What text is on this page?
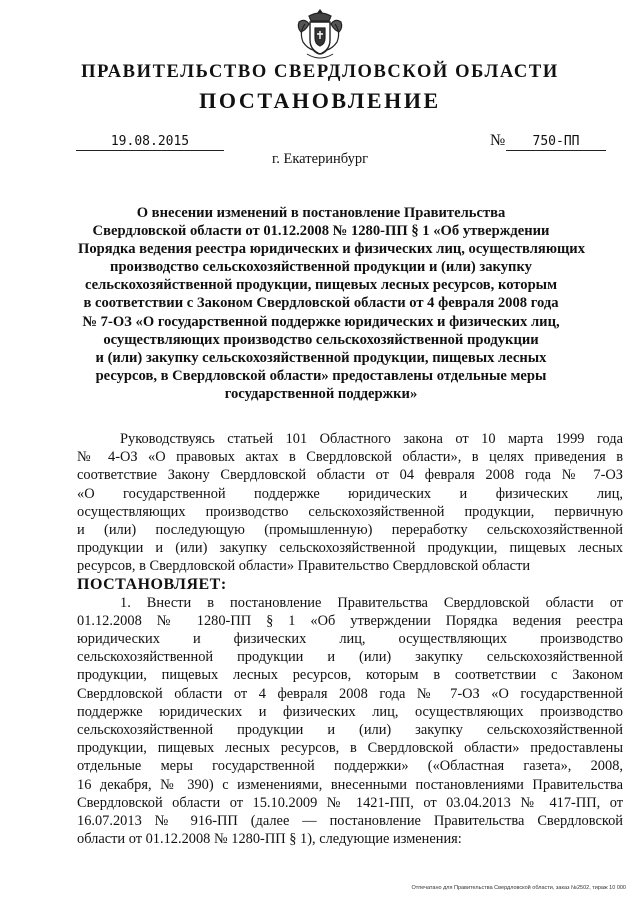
ПРАВИТЕЛЬСТВО СВЕРДЛОВСКОЙ ОБЛАСТИ
ПОСТАНОВЛЕНИЕ
19.08.2015	№	750-ПП
г. Екатеринбург
О внесении изменений в постановление Правительства
Свердловской области от 01.12.2008 № 1280-ПП § 1 «Об утверждении
Порядка ведения реестра юридических и физических лиц, осуществляющих
производство сельскохозяйственной продукции и (или) закупку
сельскохозяйственной продукции, пищевых лесных ресурсов, которым
в соответствии с Законом Свердловской области от 4 февраля 2008 года
№ 7-ОЗ «О государственной поддержке юридических и физических лиц,
осуществляющих производство сельскохозяйственной продукции
и (или) закупку сельскохозяйственной продукции, пищевых лесных
ресурсов, в Свердловской области» предоставлены отдельные меры
государственной поддержки»
Руководствуясь статьей 101 Областного закона от 10 марта 1999 года
№ 4-ОЗ «О правовых актах в Свердловской области», в целях приведения в
соответствие Закону Свердловской области от 04 февраля 2008 года № 7-ОЗ
«О государственной поддержке юридических и физических лиц,
осуществляющих производство сельскохозяйственной продукции, первичную
и (или) последующую (промышленную) переработку сельскохозяйственной
продукции и (или) закупку сельскохозяйственной продукции, пищевых лесных
ресурсов, в Свердловской области» Правительство Свердловской области
ПОСТАНОВЛЯЕТ:
1. Внести в постановление Правительства Свердловской области от
01.12.2008 № 1280-ПП § 1 «Об утверждении Порядка ведения реестра
юридических и физических лиц, осуществляющих производство
сельскохозяйственной продукции и (или) закупку сельскохозяйственной
продукции, пищевых лесных ресурсов, которым в соответствии с Законом
Свердловской области от 4 февраля 2008 года № 7-ОЗ «О государственной
поддержке юридических и физических лиц, осуществляющих производство
сельскохозяйственной продукции и (или) закупку сельскохозяйственной
продукции, пищевых лесных ресурсов, в Свердловской области» предоставлены
отдельные меры государственной поддержки» («Областная газета», 2008,
16 декабря, № 390) с изменениями, внесенными постановлениями Правительства
Свердловской области от 15.10.2009 № 1421-ПП, от 03.04.2013 № 417-ПП, от
16.07.2013 № 916-ПП (далее — постановление Правительства Свердловской
области от 01.12.2008 № 1280-ПП § 1), следующие изменения:
Отпечатано для Правительства Свердловской области, заказ №2502, тираж 10 000
